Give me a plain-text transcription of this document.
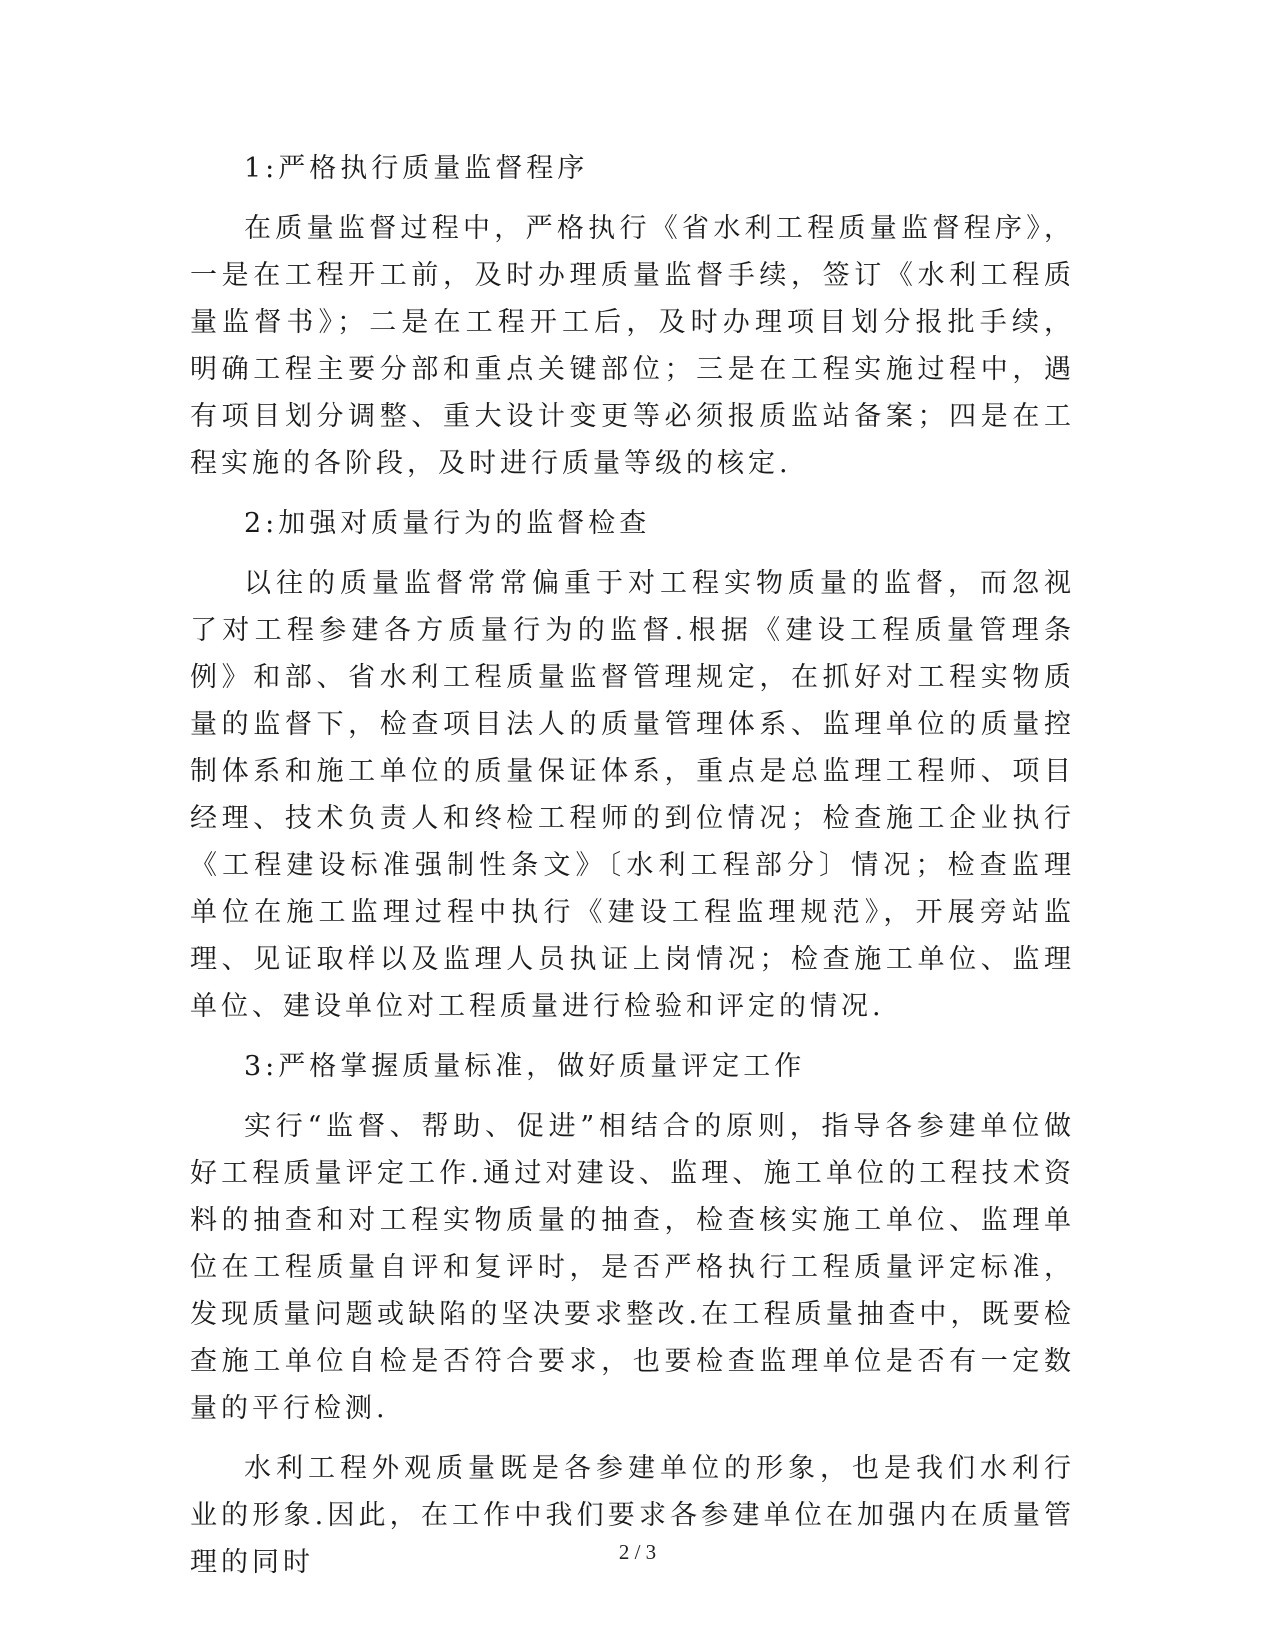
1:严格执行质量监督程序

在质量监督过程中，严格执行《省水利工程质量监督程序》，一是在工程开工前，及时办理质量监督手续，签订《水利工程质量监督书》；二是在工程开工后，及时办理项目划分报批手续，明确工程主要分部和重点关键部位；三是在工程实施过程中，遇有项目划分调整、重大设计变更等必须报质监站备案；四是在工程实施的各阶段，及时进行质量等级的核定.

2:加强对质量行为的监督检查

以往的质量监督常常偏重于对工程实物质量的监督，而忽视了对工程参建各方质量行为的监督.根据《建设工程质量管理条例》和部、省水利工程质量监督管理规定，在抓好对工程实物质量的监督下，检查项目法人的质量管理体系、监理单位的质量控制体系和施工单位的质量保证体系，重点是总监理工程师、项目经理、技术负责人和终检工程师的到位情况；检查施工企业执行《工程建设标准强制性条文》〔水利工程部分〕情况；检查监理单位在施工监理过程中执行《建设工程监理规范》，开展旁站监理、见证取样以及监理人员执证上岗情况；检查施工单位、监理单位、建设单位对工程质量进行检验和评定的情况.

3:严格掌握质量标准，做好质量评定工作

实行“监督、帮助、促进”相结合的原则，指导各参建单位做好工程质量评定工作.通过对建设、监理、施工单位的工程技术资料的抽查和对工程实物质量的抽查，检查核实施工单位、监理单位在工程质量自评和复评时，是否严格执行工程质量评定标准，发现质量问题或缺陷的坚决要求整改.在工程质量抽查中，既要检查施工单位自检是否符合要求，也要检查监理单位是否有一定数量的平行检测.

水利工程外观质量既是各参建单位的形象，也是我们水利行业的形象.因此，在工作中我们要求各参建单位在加强内在质量管理的同时	2 / 3
